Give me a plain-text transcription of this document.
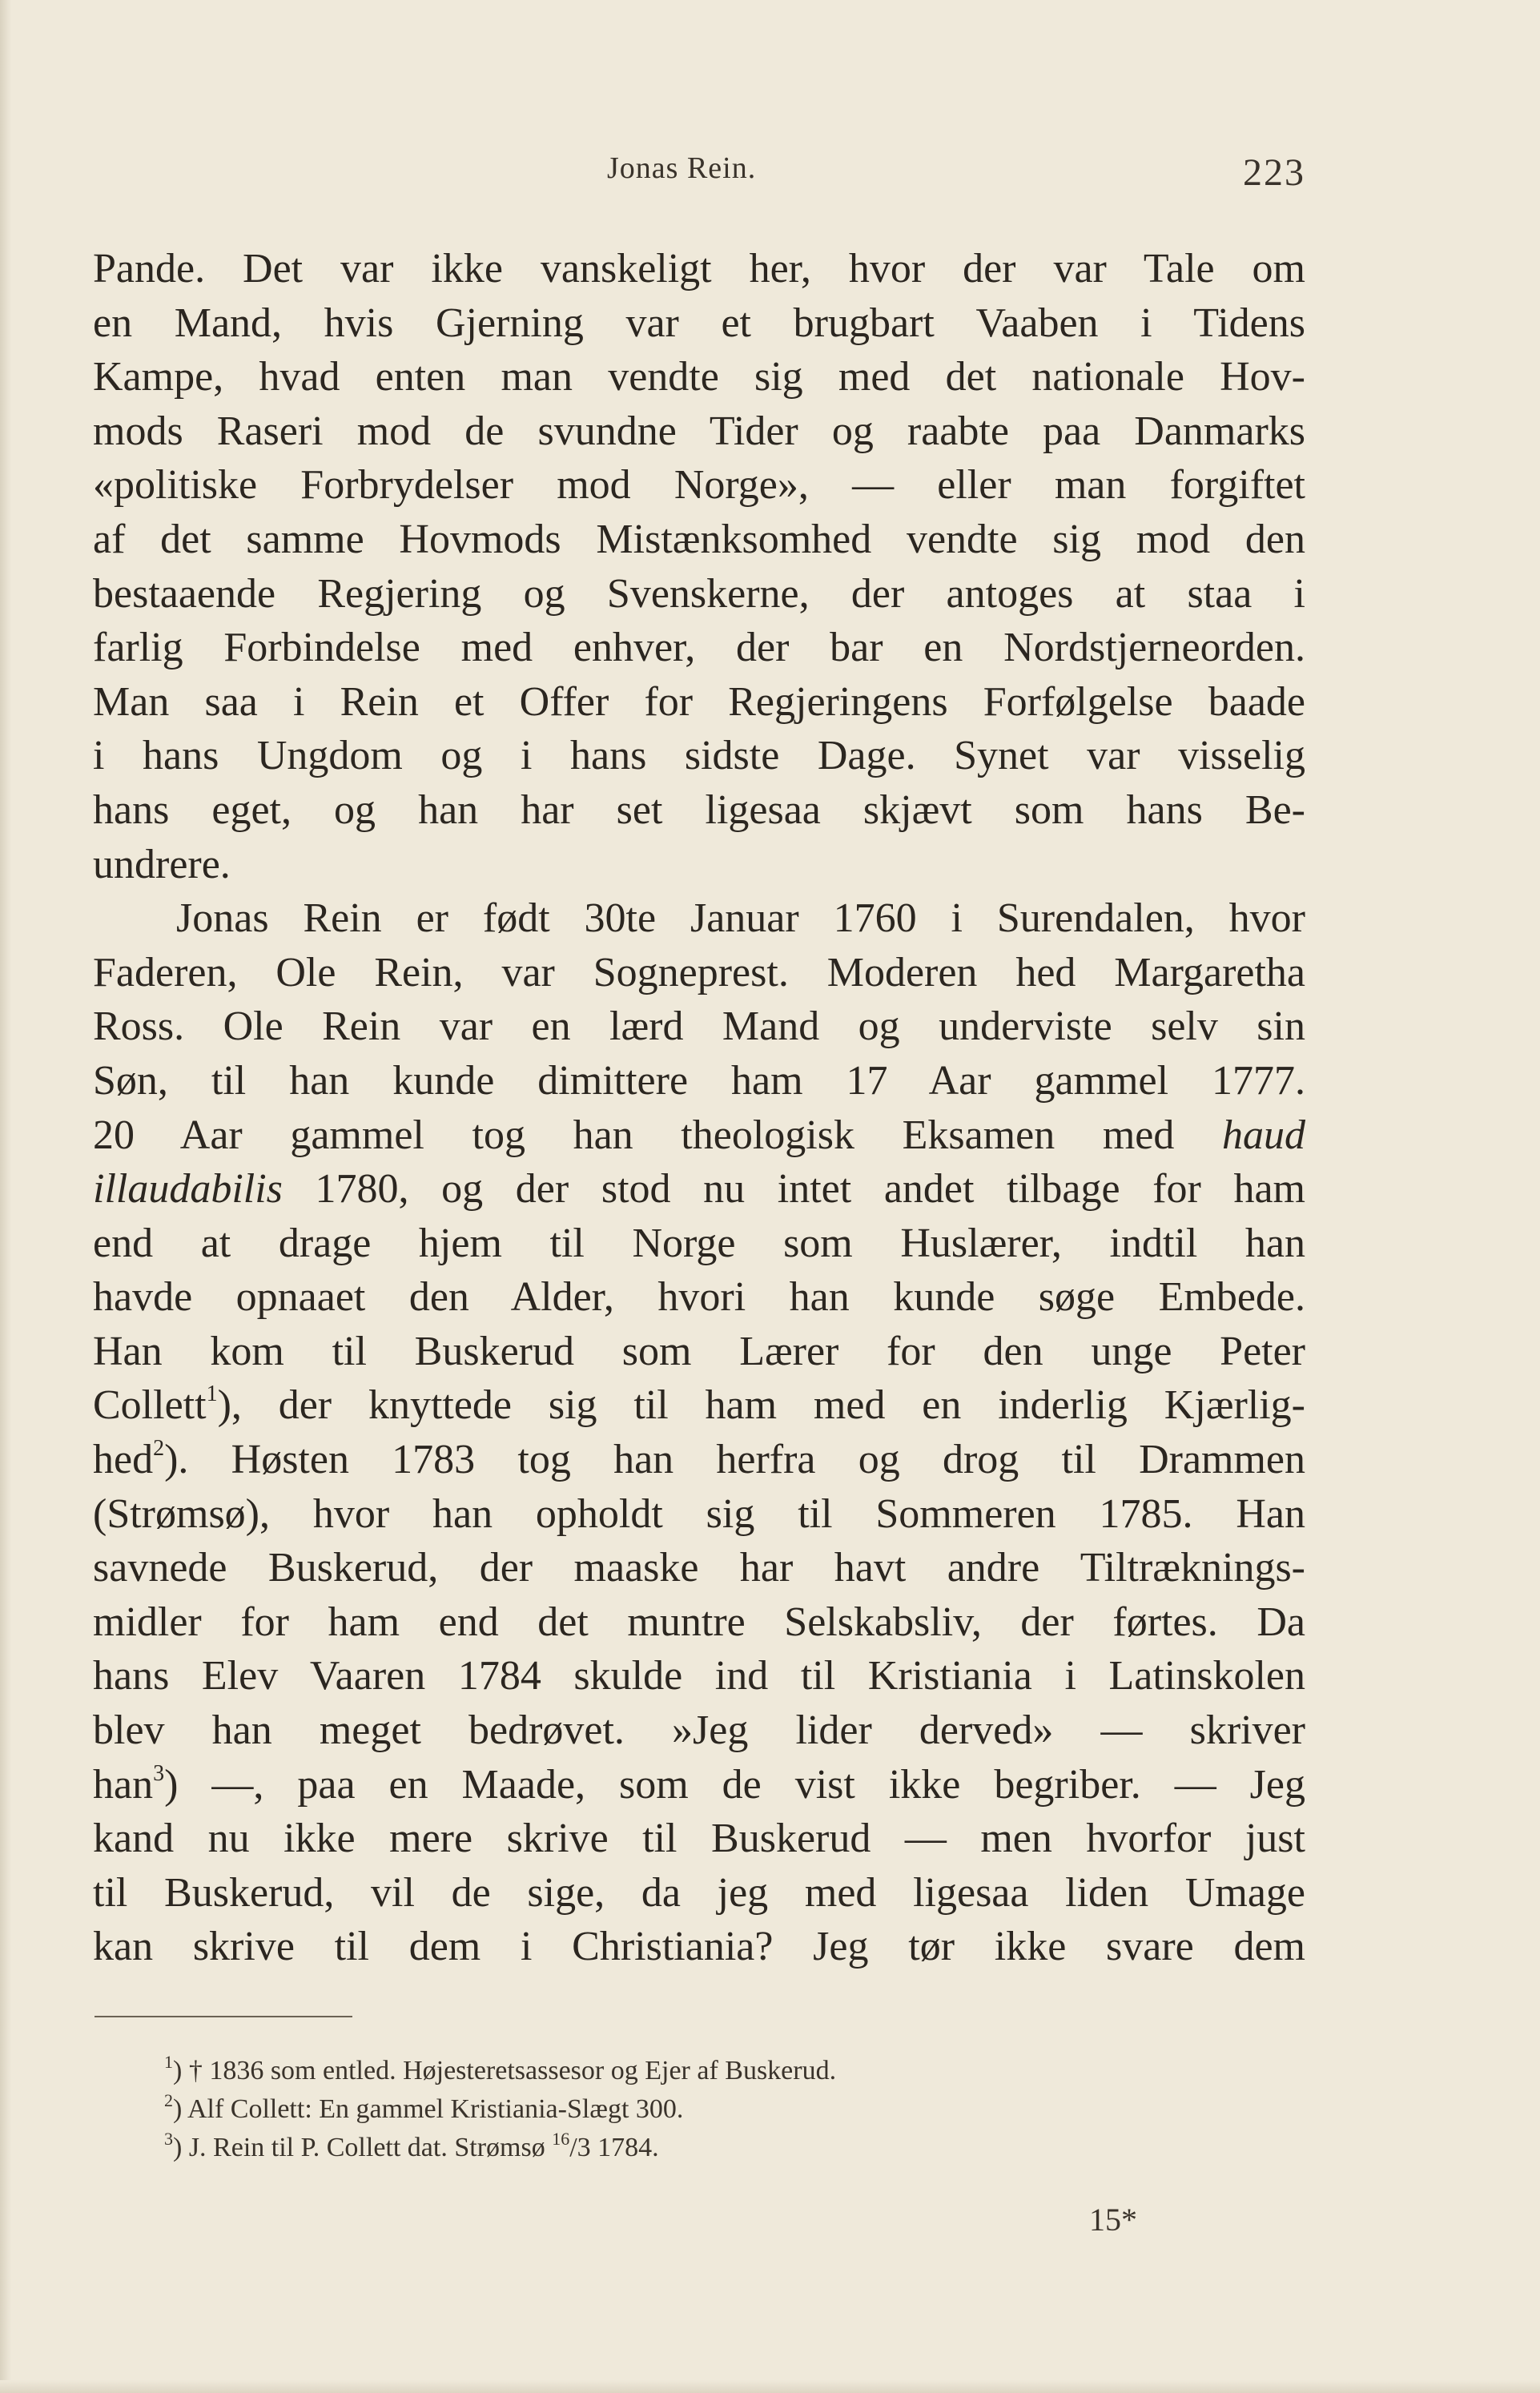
Jonas Rein.	223
Pande. Det var ikke vanskeligt her, hvor der var Tale om
en Mand, hvis Gjerning var et brugbart Vaaben i Tidens
Kampe, hvad enten man vendte sig med det nationale Hov-
mods Raseri mod de svundne Tider og raabte paa Danmarks
«politiske Forbrydelser mod Norge», — eller man forgiftet
af det samme Hovmods Mistænksomhed vendte sig mod den
bestaaende Regjering og Svenskerne, der antoges at staa i
farlig Forbindelse med enhver, der bar en Nordstjerneorden.
Man saa i Rein et Offer for Regjeringens Forfølgelse baade
i hans Ungdom og i hans sidste Dage. Synet var visselig
hans eget, og han har set ligesaa skjævt som hans Be-
undrere.
Jonas Rein er født 30te Januar 1760 i Surendalen, hvor
Faderen, Ole Rein, var Sogneprest. Moderen hed Margaretha
Ross. Ole Rein var en lærd Mand og underviste selv sin
Søn, til han kunde dimittere ham 17 Aar gammel 1777.
20 Aar gammel tog han theologisk Eksamen med haud
illaudabilis 1780, og der stod nu intet andet tilbage for ham
end at drage hjem til Norge som Huslærer, indtil han
havde opnaaet den Alder, hvori han kunde søge Embede.
Han kom til Buskerud som Lærer for den unge Peter
Collett$^1$), der knyttede sig til ham med en inderlig Kjærlig-
hed$^2$). Høsten 1783 tog han herfra og drog til Drammen
(Strømsø), hvor han opholdt sig til Sommeren 1785. Han
savnede Buskerud, der maaske har havt andre Tiltræknings-
midler for ham end det muntre Selskabsliv, der førtes. Da
hans Elev Vaaren 1784 skulde ind til Kristiania i Latinskolen
blev han meget bedrøvet. »Jeg lider derved» — skriver
han$^3$) —, paa en Maade, som de vist ikke begriber. — Jeg
kand nu ikke mere skrive til Buskerud — men hvorfor just
til Buskerud, vil de sige, da jeg med ligesaa liden Umage
kan skrive til dem i Christiania? Jeg tør ikke svare dem
$^1$) † 1836 som entled. Højesteretsassesor og Ejer af Buskerud.
$^2$) Alf Collett: En gammel Kristiania-Slægt 300.
$^3$) J. Rein til P. Collett dat. Strømsø $^{16}$/3 1784.
15*
